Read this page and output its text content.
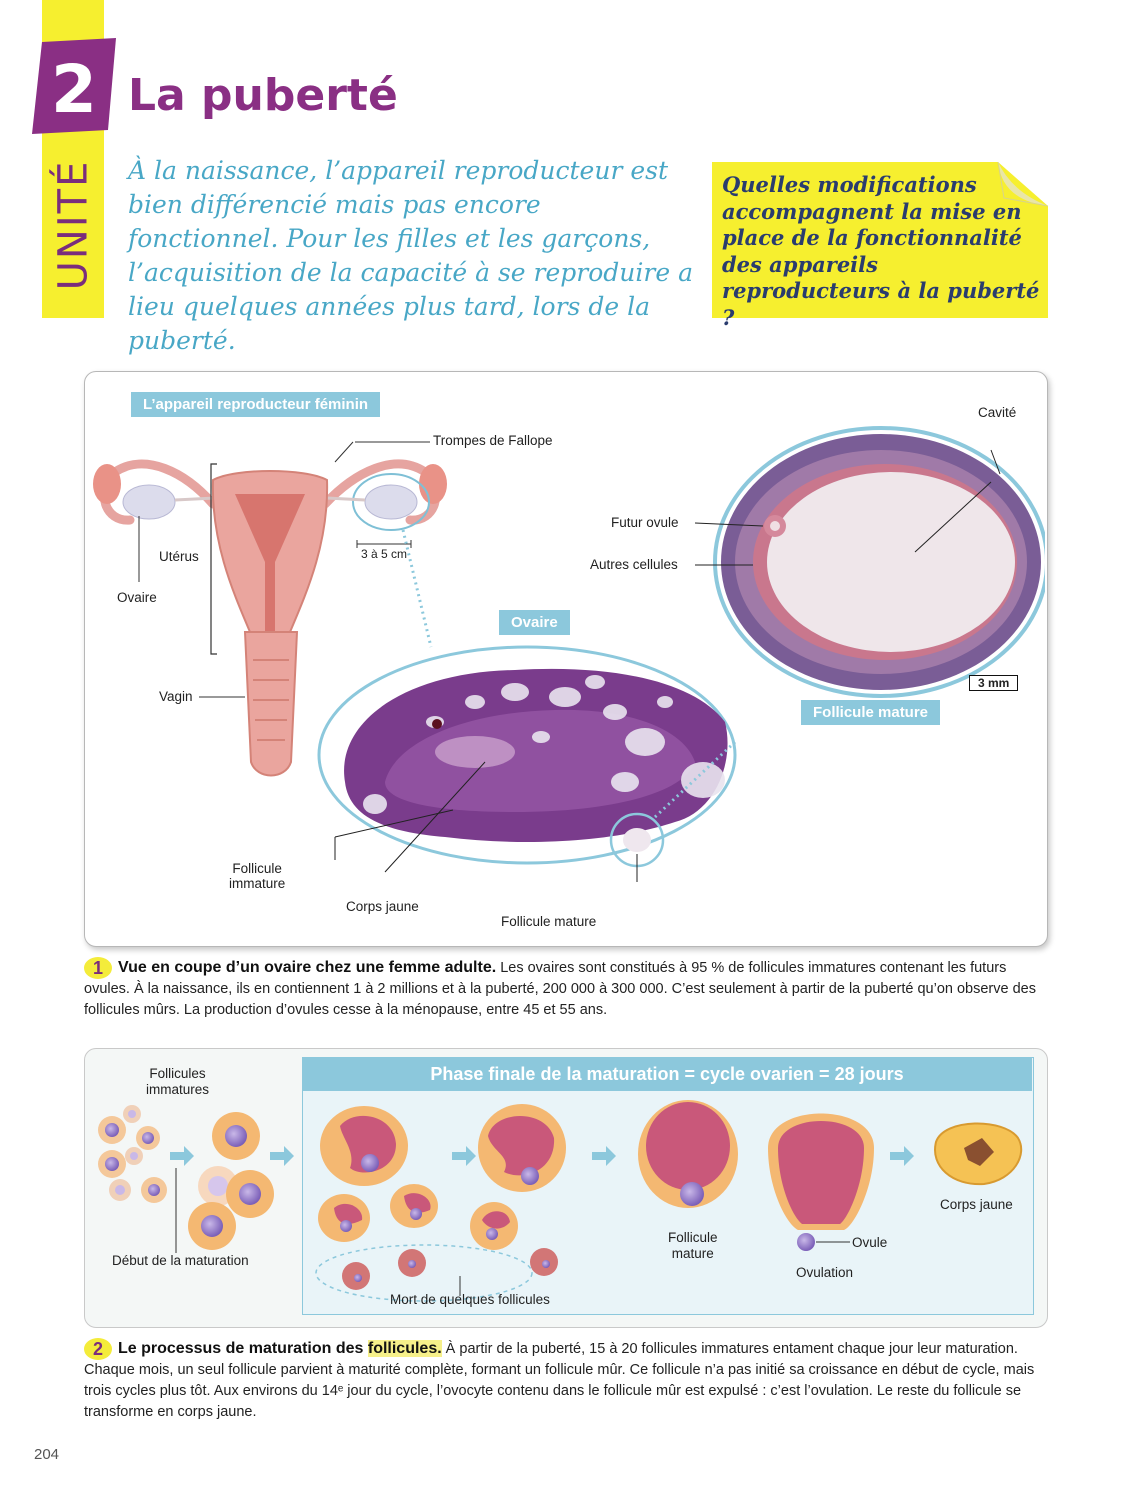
2
UNITÉ
La puberté
À la naissance, l’appareil reproducteur est bien différencié mais pas encore fonctionnel. Pour les filles et les garçons, l’acquisition de la capacité à se reproduire a lieu quelques années plus tard, lors de la puberté.
Quelles modifications accompagnent la mise en place de la fonctionnalité des appareils reproducteurs à la puberté ?
L’appareil reproducteur féminin
Trompes de Fallope
Utérus
Ovaire
Vagin
3 à 5 cm
Ovaire
Follicule
immature
Corps jaune
Follicule mature
Cavité
Futur ovule
Autres cellules
3 mm
Follicule mature
1 Vue en coupe d’un ovaire chez une femme adulte. Les ovaires sont constitués à 95 % de follicules immatures contenant les futurs ovules. À la naissance, ils en contiennent 1 à 2 millions et à la puberté, 200 000 à 300 000. C’est seulement à partir de la puberté qu’on observe des follicules mûrs. La production d’ovules cesse à la ménopause, entre 45 et 55 ans.
Phase finale de la maturation = cycle ovarien = 28 jours
Follicules
immatures
Début de la maturation
Mort de quelques follicules
Follicule
mature
Ovule
Ovulation
Corps jaune
2 Le processus de maturation des follicules. À partir de la puberté, 15 à 20 follicules immatures entament chaque jour leur maturation. Chaque mois, un seul follicule parvient à maturité complète, formant un follicule mûr. Ce follicule n’a pas initié sa croissance en début de cycle, mais trois cycles plus tôt. Aux environs du 14ᵉ jour du cycle, l’ovocyte contenu dans le follicule mûr est expulsé : c’est l’ovulation. Le reste du follicule se transforme en corps jaune.
204
